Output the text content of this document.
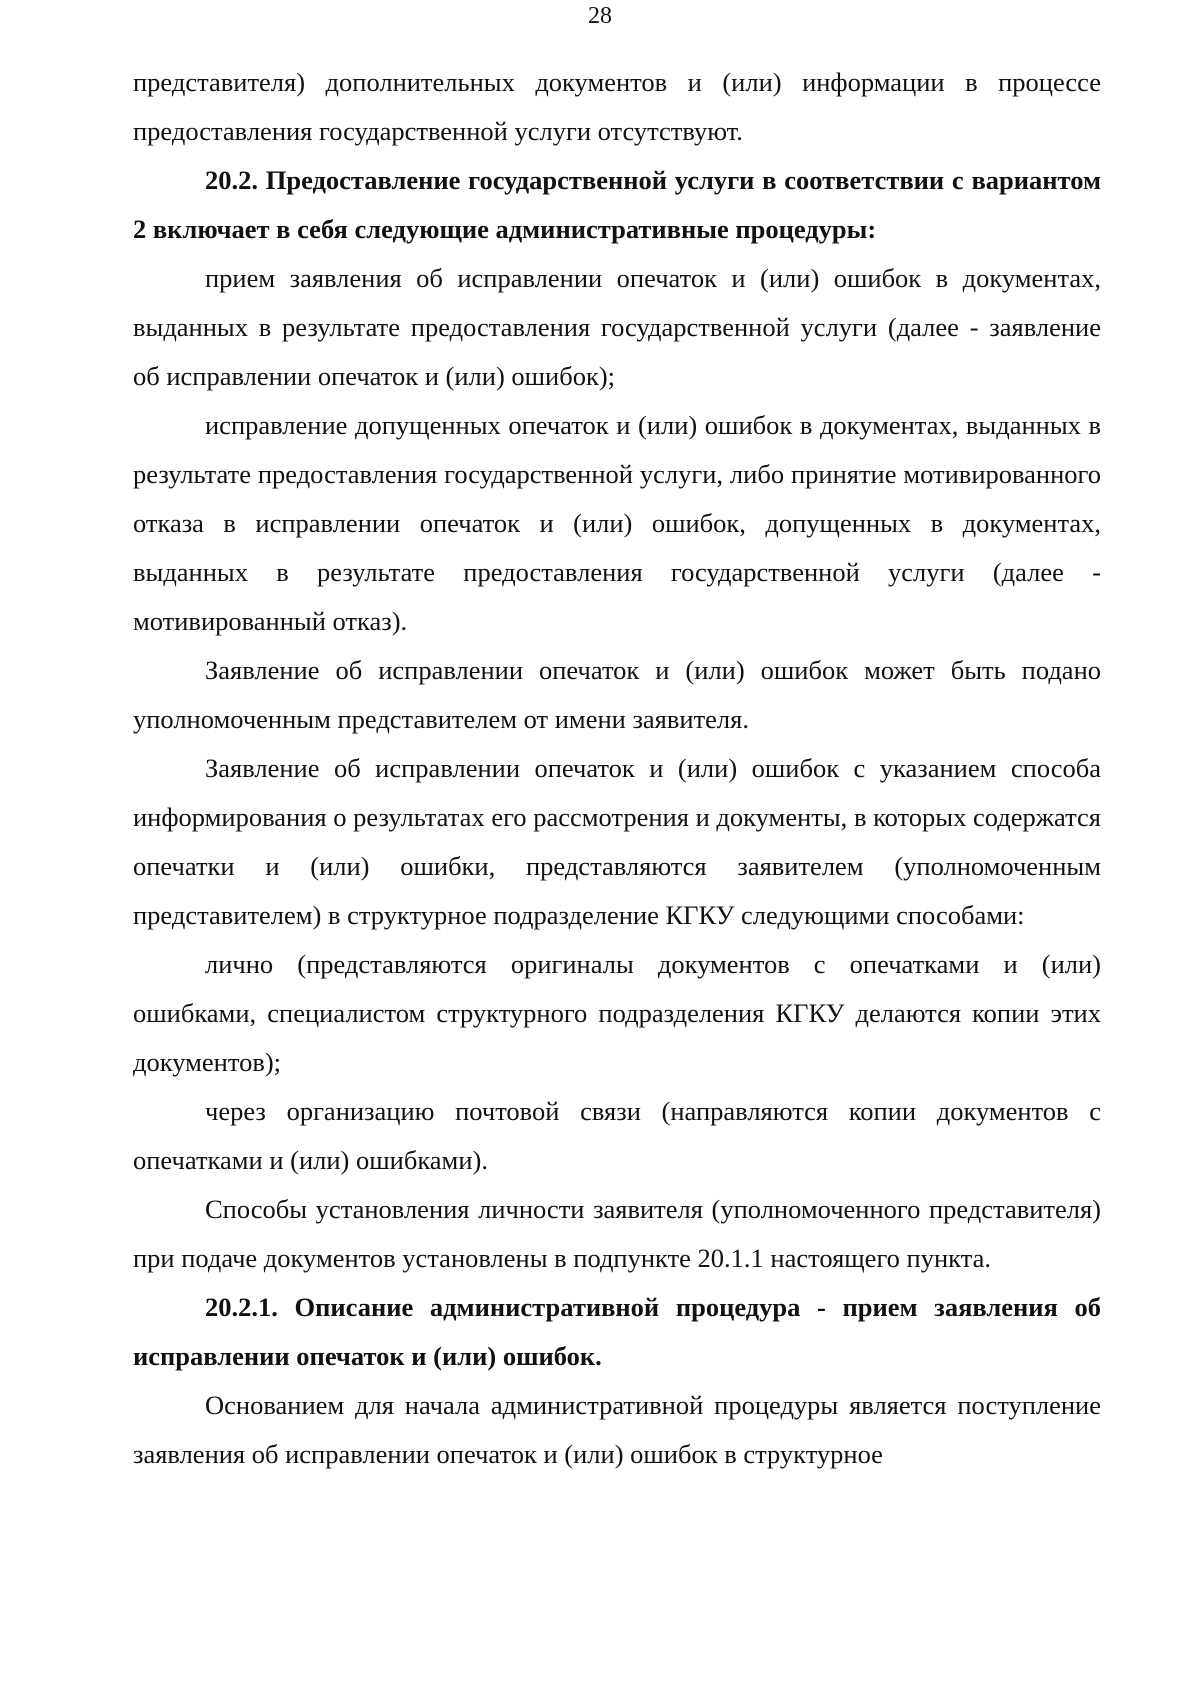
28

представителя) дополнительных документов и (или) информации в процессе предоставления государственной услуги отсутствуют.

20.2. Предоставление государственной услуги в соответствии с вариантом 2 включает в себя следующие административные процедуры:

прием заявления об исправлении опечаток и (или) ошибок в документах, выданных в результате предоставления государственной услуги (далее - заявление об исправлении опечаток и (или) ошибок);

исправление допущенных опечаток и (или) ошибок в документах, выданных в результате предоставления государственной услуги, либо принятие мотивированного отказа в исправлении опечаток и (или) ошибок, допущенных в документах, выданных в результате предоставления государственной услуги (далее - мотивированный отказ).

Заявление об исправлении опечаток и (или) ошибок может быть подано уполномоченным представителем от имени заявителя.

Заявление об исправлении опечаток и (или) ошибок с указанием способа информирования о результатах его рассмотрения и документы, в которых содержатся опечатки и (или) ошибки, представляются заявителем (уполномоченным представителем) в структурное подразделение КГКУ следующими способами:

лично (представляются оригиналы документов с опечатками и (или) ошибками, специалистом структурного подразделения КГКУ делаются копии этих документов);

через организацию почтовой связи (направляются копии документов с опечатками и (или) ошибками).

Способы установления личности заявителя (уполномоченного представителя) при подаче документов установлены в подпункте 20.1.1 настоящего пункта.

20.2.1. Описание административной процедура - прием заявления об исправлении опечаток и (или) ошибок.

Основанием для начала административной процедуры является поступление заявления об исправлении опечаток и (или) ошибок в структурное
